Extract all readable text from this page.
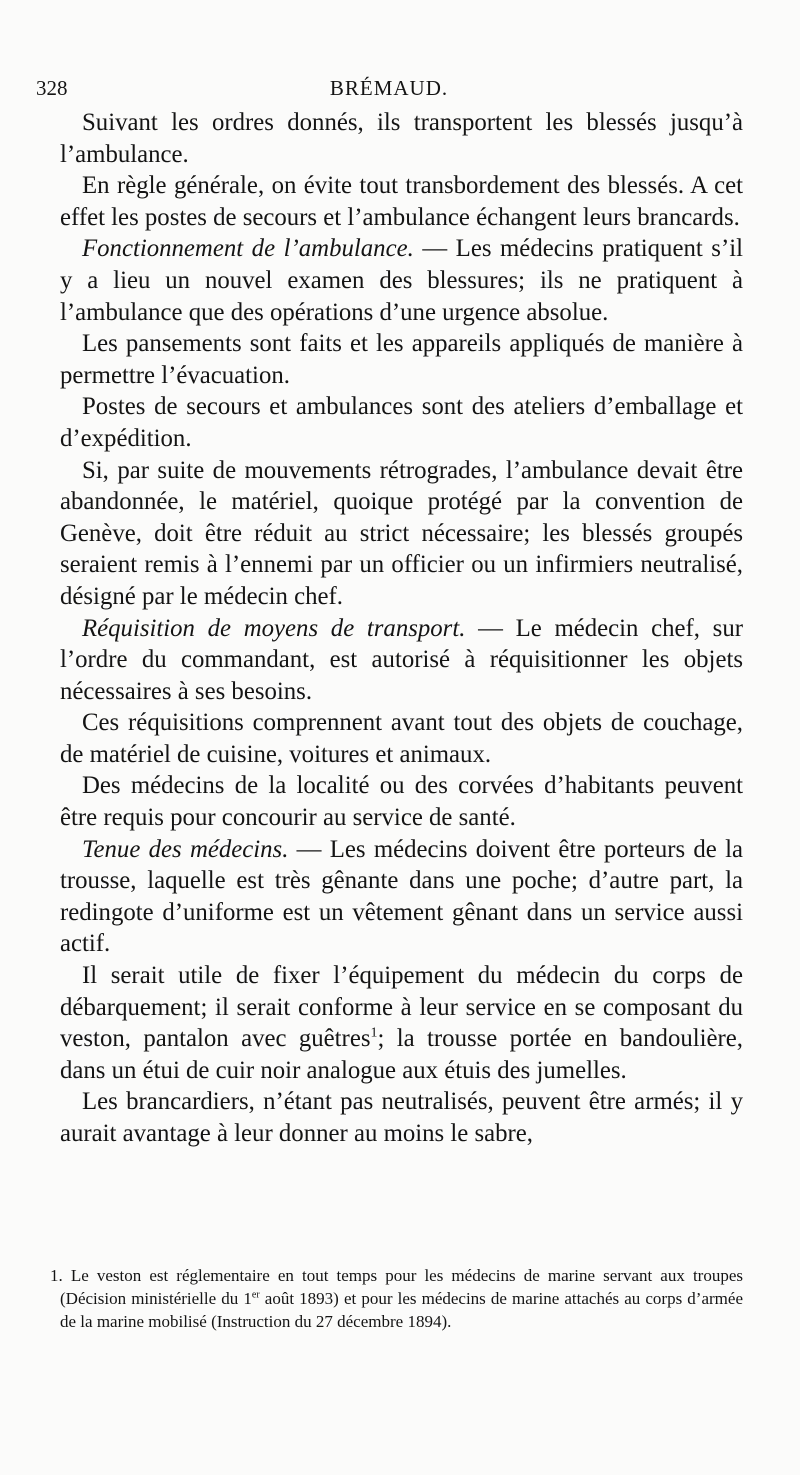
328	BRÉMAUD.

Suivant les ordres donnés, ils transportent les blessés jusqu’à l’ambulance.

En règle générale, on évite tout transbordement des blessés. A cet effet les postes de secours et l’ambulance échangent leurs brancards.

Fonctionnement de l’ambulance. — Les médecins pratiquent s’il y a lieu un nouvel examen des blessures; ils ne pratiquent à l’ambulance que des opérations d’une urgence absolue.

Les pansements sont faits et les appareils appliqués de manière à permettre l’évacuation.

Postes de secours et ambulances sont des ateliers d’emballage et d’expédition.

Si, par suite de mouvements rétrogrades, l’ambulance devait être abandonnée, le matériel, quoique protégé par la convention de Genève, doit être réduit au strict nécessaire; les blessés groupés seraient remis à l’ennemi par un officier ou un infirmiers neutralisé, désigné par le médecin chef.

Réquisition de moyens de transport. — Le médecin chef, sur l’ordre du commandant, est autorisé à réquisitionner les objets nécessaires à ses besoins.

Ces réquisitions comprennent avant tout des objets de couchage, de matériel de cuisine, voitures et animaux.

Des médecins de la localité ou des corvées d’habitants peuvent être requis pour concourir au service de santé.

Tenue des médecins. — Les médecins doivent être porteurs de la trousse, laquelle est très gênante dans une poche; d’autre part, la redingote d’uniforme est un vêtement gênant dans un service aussi actif.

Il serait utile de fixer l’équipement du médecin du corps de débarquement; il serait conforme à leur service en se composant du veston, pantalon avec guêtres$^1$; la trousse portée en bandoulière, dans un étui de cuir noir analogue aux étuis des jumelles.

Les brancardiers, n’étant pas neutralisés, peuvent être armés; il y aurait avantage à leur donner au moins le sabre,

1. Le veston est réglementaire en tout temps pour les médecins de marine servant aux troupes (Décision ministérielle du 1er août 1893) et pour les médecins de marine attachés au corps d’armée de la marine mobilisé (Instruction du 27 décembre 1894).
